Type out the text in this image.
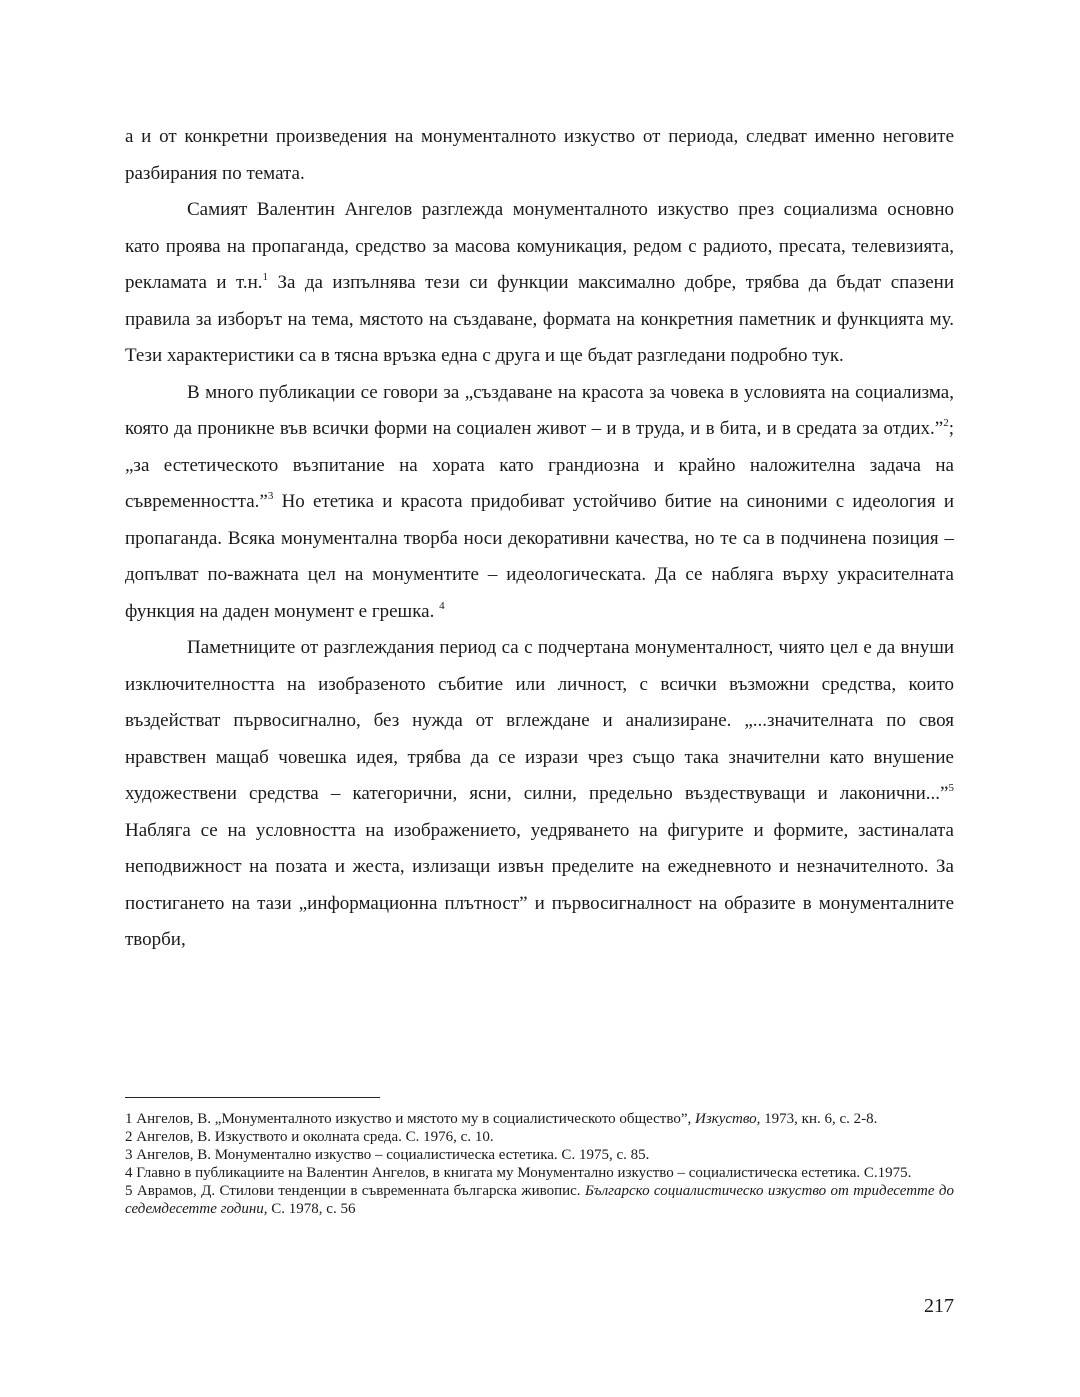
а и от конкретни произведения на монументалното изкуство от периода, следват именно неговите разбирания по темата.

Самият Валентин Ангелов разглежда монументалното изкуство през социализма основно като проява на пропаганда, средство за масова комуникация, редом с радиото, пресата, телевизията, рекламата и т.н.$^1$ За да изпълнява тези си функции максимално добре, трябва да бъдат спазени правила за изборът на тема, мястото на създаване, формата на конкретния паметник и функцията му. Тези характеристики са в тясна връзка една с друга и ще бъдат разгледани подробно тук.

В много публикации се говори за „създаване на красота за човека в условията на социализма, която да проникне във всички форми на социален живот – и в труда, и в бита, и в средата за отдих.”$^2$; „за естетическото възпитание на хората като грандиозна и крайно наложителна задача на съвременността.”$^3$ Но ететика и красота придобиват устойчиво битие на синоними с идеология и пропаганда. Всяка монументална творба носи декоративни качества, но те са в подчинена позиция – допълват по-важната цел на монументите – идеологическата. Да се набляга върху украсителната функция на даден монумент е грешка. $^4$

Паметниците от разглеждания период са с подчертана монументалност, чиято цел е да внуши изключителността на изобразеното събитие или личност, с всички възможни средства, които въздействат първосигнално, без нужда от вглеждане и анализиране. „...значителната по своя нравствен мащаб човешка идея, трябва да се изрази чрез също така значителни като внушение художествени средства – категорични, ясни, силни, предельно въздествуващи и лаконични...”$^5$ Набляга се на условността на изображението, уедряването на фигурите и формите, застиналата неподвижност на позата и жеста, излизащи извън пределите на ежедневното и незначителното. За постигането на тази „информационна плътност” и първосигналност на образите в монументалните творби,

1 Ангелов, В. „Монументалното изкуство и мястото му в социалистическото общество”, Изкуство, 1973, кн. 6, с. 2-8.

2 Ангелов, В. Изкуството и околната среда. С. 1976, с. 10.

3 Ангелов, В. Монументално изкуство – социалистическа естетика. С. 1975, с. 85.

4 Главно в публикациите на Валентин Ангелов, в книгата му Монументално изкуство – социалистическа естетика. С.1975.

5 Аврамов, Д. Стилови тенденции в съвременната българска живопис. Българско социалистическо изкуство от тридесетте до седемдесетте години, С. 1978, с. 56

217
